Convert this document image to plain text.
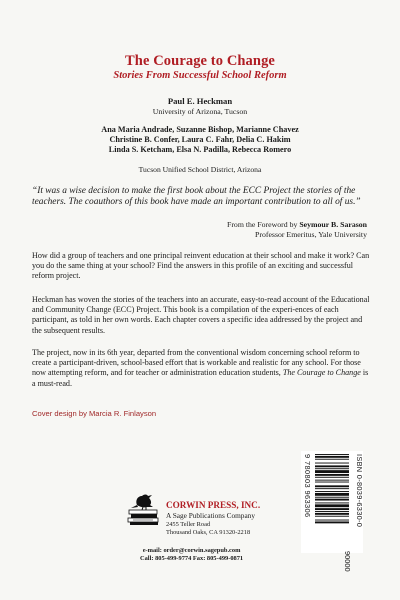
The Courage to Change
Stories From Successful School Reform
Paul E. Heckman
University of Arizona, Tucson
Ana Maria Andrade, Suzanne Bishop, Marianne Chavez
Christine B. Confer, Laura C. Fahr, Delia C. Hakim
Linda S. Ketcham, Elsa N. Padilla, Rebecca Romero
Tucson Unified School District, Arizona
“It was a wise decision to make the first book about the ECC Project the stories of the teachers. The coauthors of this book have made an important contribution to all of us.”
From the Foreword by Seymour B. Sarason
Professor Emeritus, Yale University
How did a group of teachers and one principal reinvent education at their school and make it work? Can you do the same thing at your school? Find the answers in this profile of an exciting and successful reform project.
Heckman has woven the stories of the teachers into an accurate, easy-to-read account of the Educational and Community Change (ECC) Project. This book is a compilation of the experi-ences of each participant, as told in her own words. Each chapter covers a specific idea addressed by the project and the subsequent results.
The project, now in its 6th year, departed from the conventional wisdom concerning school reform to create a participant-driven, school-based effort that is workable and realistic for any school. For those now attempting reform, and for teacher or administration education students, The Courage to Change is a must-read.
Cover design by Marcia R. Finlayson
CORWIN PRESS, INC.
A Sage Publications Company
2455 Teller Road
Thousand Oaks, CA 91320-2218
e-mail: order@corwin.sagepub.com
Call: 805-499-9774 Fax: 805-499-0871
9 780803 963306	ISBN 0-8039-6330-0
90000
